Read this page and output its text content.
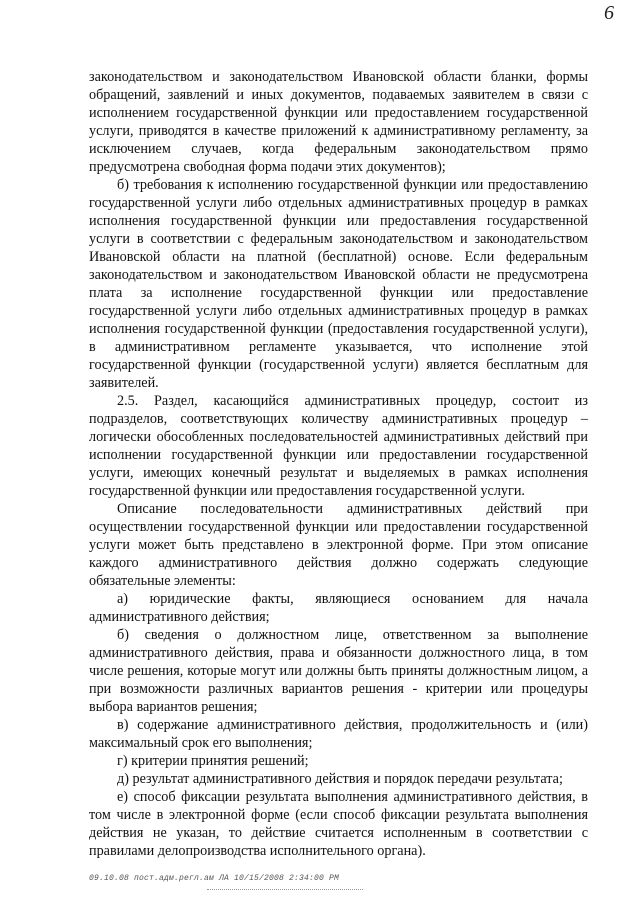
6

законодательством и законодательством Ивановской области бланки, формы обращений, заявлений и иных документов, подаваемых заявителем в связи с исполнением государственной функции или предоставлением государственной услуги, приводятся в качестве приложений к административному регламенту, за исключением случаев, когда федеральным законодательством прямо предусмотрена свободная форма подачи этих документов);

б) требования к исполнению государственной функции или предоставлению государственной услуги либо отдельных административных процедур в рамках исполнения государственной функции или предоставления государственной услуги в соответствии с федеральным законодательством и законодательством Ивановской области на платной (бесплатной) основе. Если федеральным законодательством и законодательством Ивановской области не предусмотрена плата за исполнение государственной функции или предоставление государственной услуги либо отдельных административных процедур в рамках исполнения государственной функции (предоставления государственной услуги), в административном регламенте указывается, что исполнение этой государственной функции (государственной услуги) является бесплатным для заявителей.

2.5. Раздел, касающийся административных процедур, состоит из подразделов, соответствующих количеству административных процедур – логически обособленных последовательностей административных действий при исполнении государственной функции или предоставлении государственной услуги, имеющих конечный результат и выделяемых в рамках исполнения государственной функции или предоставления государственной услуги.

Описание последовательности административных действий при осуществлении государственной функции или предоставлении государственной услуги может быть представлено в электронной форме. При этом описание каждого административного действия должно содержать следующие обязательные элементы:

а) юридические факты, являющиеся основанием для начала административного действия;

б) сведения о должностном лице, ответственном за выполнение административного действия, права и обязанности должностного лица, в том числе решения, которые могут или должны быть приняты должностным лицом, а при возможности различных вариантов решения - критерии или процедуры выбора вариантов решения;

в) содержание административного действия, продолжительность и (или) максимальный срок его выполнения;

г) критерии принятия решений;

д) результат административного действия и порядок передачи результата;

е) способ фиксации результата выполнения административного действия, в том числе в электронной форме (если способ фиксации результата выполнения действия не указан, то действие считается исполненным в соответствии с правилами делопроизводства исполнительного органа).

09.10.08 пост.адм.регл.ам ЛА 10/15/2008 2:34:00 PM
